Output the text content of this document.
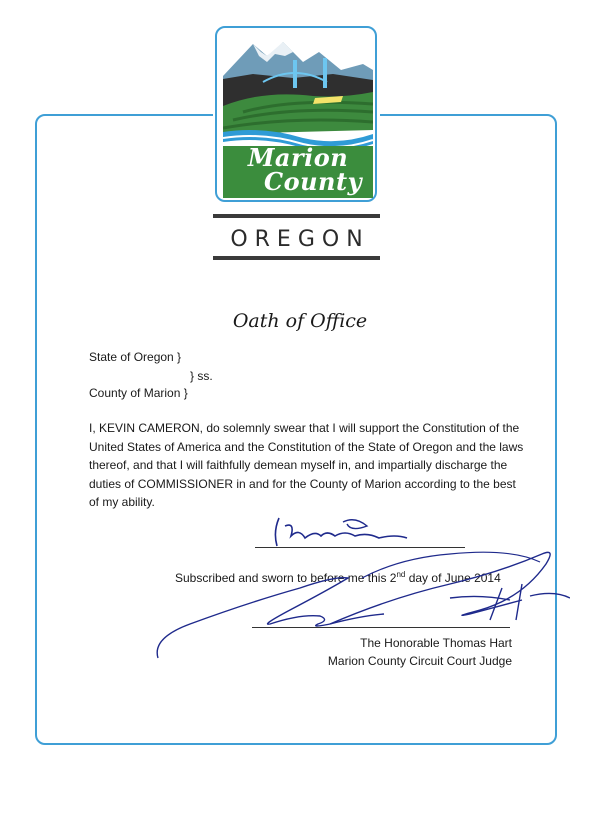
Marion
County
OREGON
Oath of Office
State of Oregon }
} ss.
County of Marion }

I, KEVIN CAMERON, do solemnly swear that I will support the Constitution of the United States of America and the Constitution of the State of Oregon and the laws thereof, and that I will faithfully demean myself in, and impartially discharge the duties of COMMISSIONER in and for the County of Marion according to the best of my ability.

Subscribed and sworn to before me this 2nd day of June 2014
The Honorable Thomas Hart
Marion County Circuit Court Judge
